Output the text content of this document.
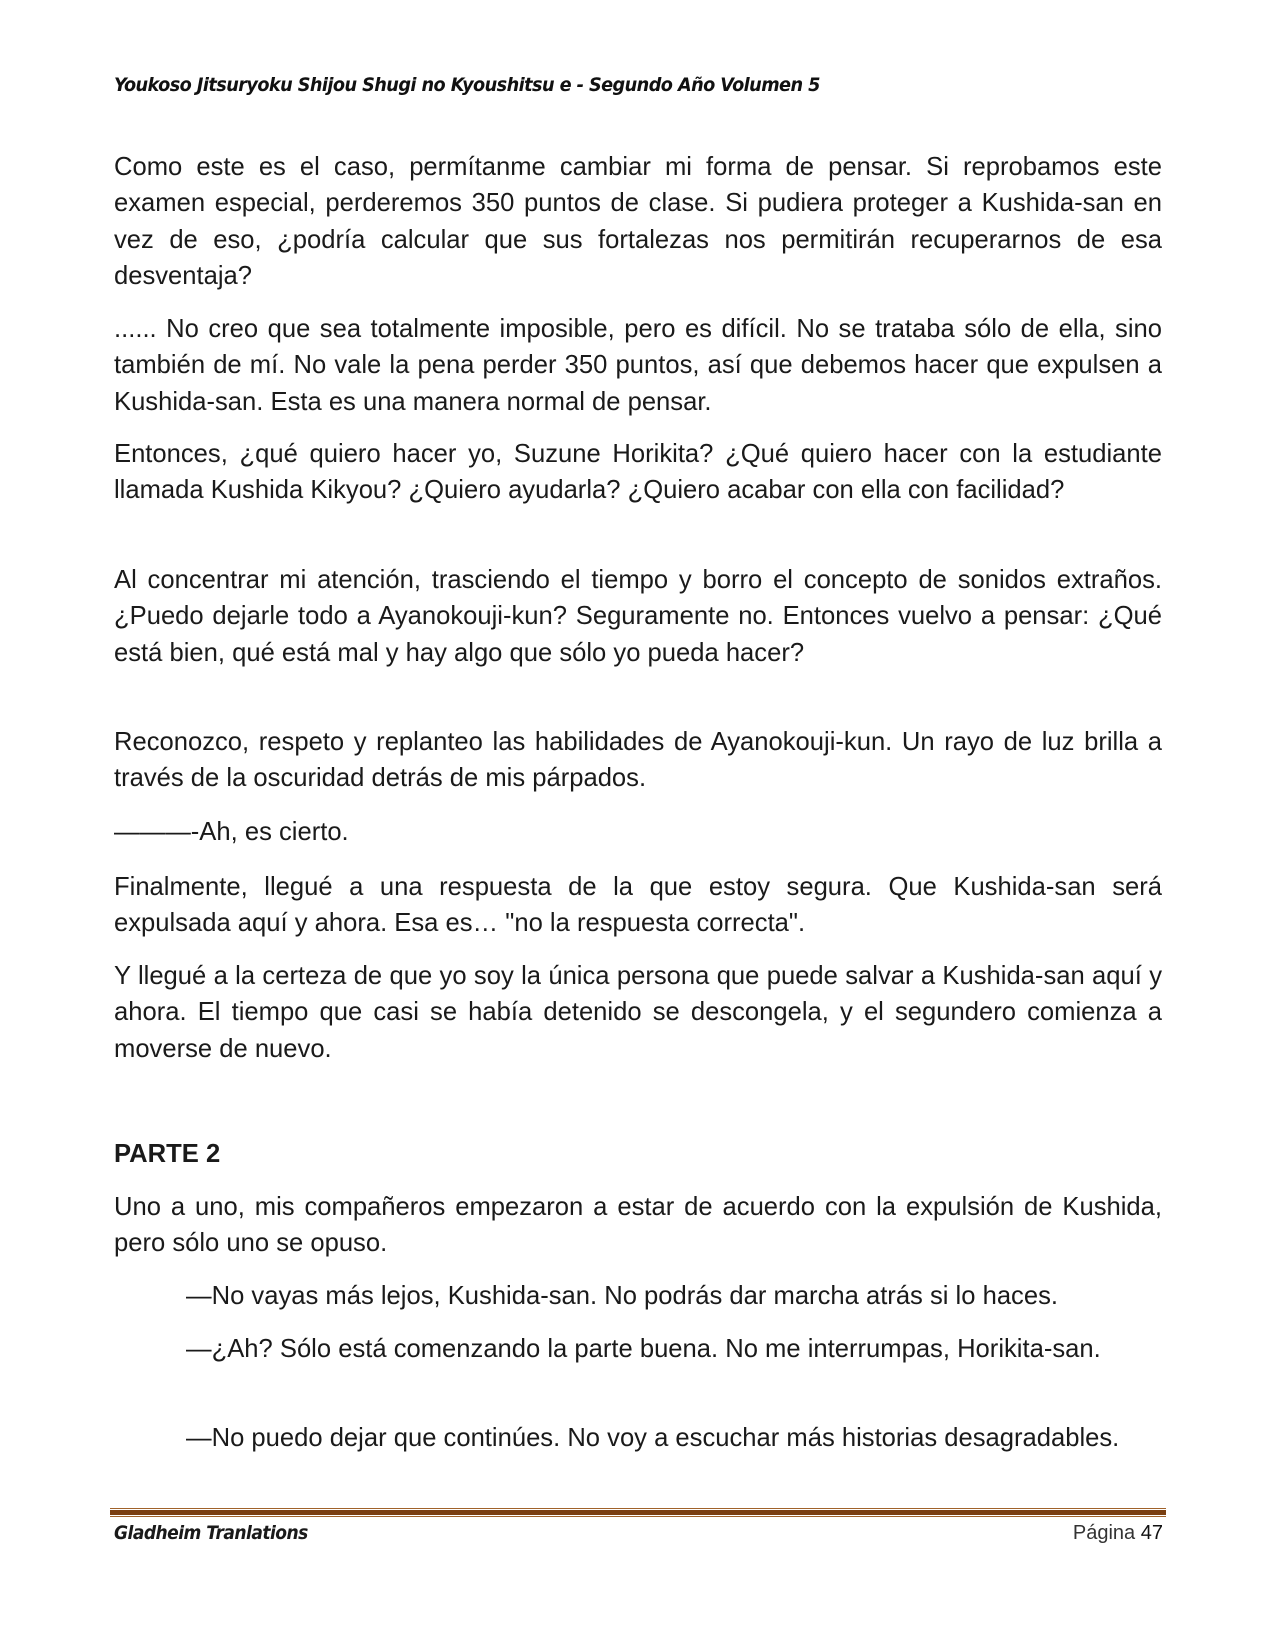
Youkoso Jitsuryoku Shijou Shugi no Kyoushitsu e - Segundo Año Volumen 5

Como este es el caso, permítanme cambiar mi forma de pensar. Si reprobamos este examen especial, perderemos 350 puntos de clase. Si pudiera proteger a Kushida-san en vez de eso, ¿podría calcular que sus fortalezas nos permitirán recuperarnos de esa desventaja?

...... No creo que sea totalmente imposible, pero es difícil. No se trataba sólo de ella, sino también de mí. No vale la pena perder 350 puntos, así que debemos hacer que expulsen a Kushida-san. Esta es una manera normal de pensar.

Entonces, ¿qué quiero hacer yo, Suzune Horikita? ¿Qué quiero hacer con la estudiante llamada Kushida Kikyou? ¿Quiero ayudarla? ¿Quiero acabar con ella con facilidad?

Al concentrar mi atención, trasciendo el tiempo y borro el concepto de sonidos extraños. ¿Puedo dejarle todo a Ayanokouji-kun? Seguramente no. Entonces vuelvo a pensar: ¿Qué está bien, qué está mal y hay algo que sólo yo pueda hacer?

Reconozco, respeto y replanteo las habilidades de Ayanokouji-kun. Un rayo de luz brilla a través de la oscuridad detrás de mis párpados.

———-Ah, es cierto.

Finalmente, llegué a una respuesta de la que estoy segura. Que Kushida-san será expulsada aquí y ahora. Esa es… "no la respuesta correcta".

Y llegué a la certeza de que yo soy la única persona que puede salvar a Kushida-san aquí y ahora. El tiempo que casi se había detenido se descongela, y el segundero comienza a moverse de nuevo.

PARTE 2

Uno a uno, mis compañeros empezaron a estar de acuerdo con la expulsión de Kushida, pero sólo uno se opuso.

—No vayas más lejos, Kushida-san. No podrás dar marcha atrás si lo haces.

—¿Ah? Sólo está comenzando la parte buena. No me interrumpas, Horikita-san.

—No puedo dejar que continúes. No voy a escuchar más historias desagradables.

Gladheim Tranlations	Página 47
